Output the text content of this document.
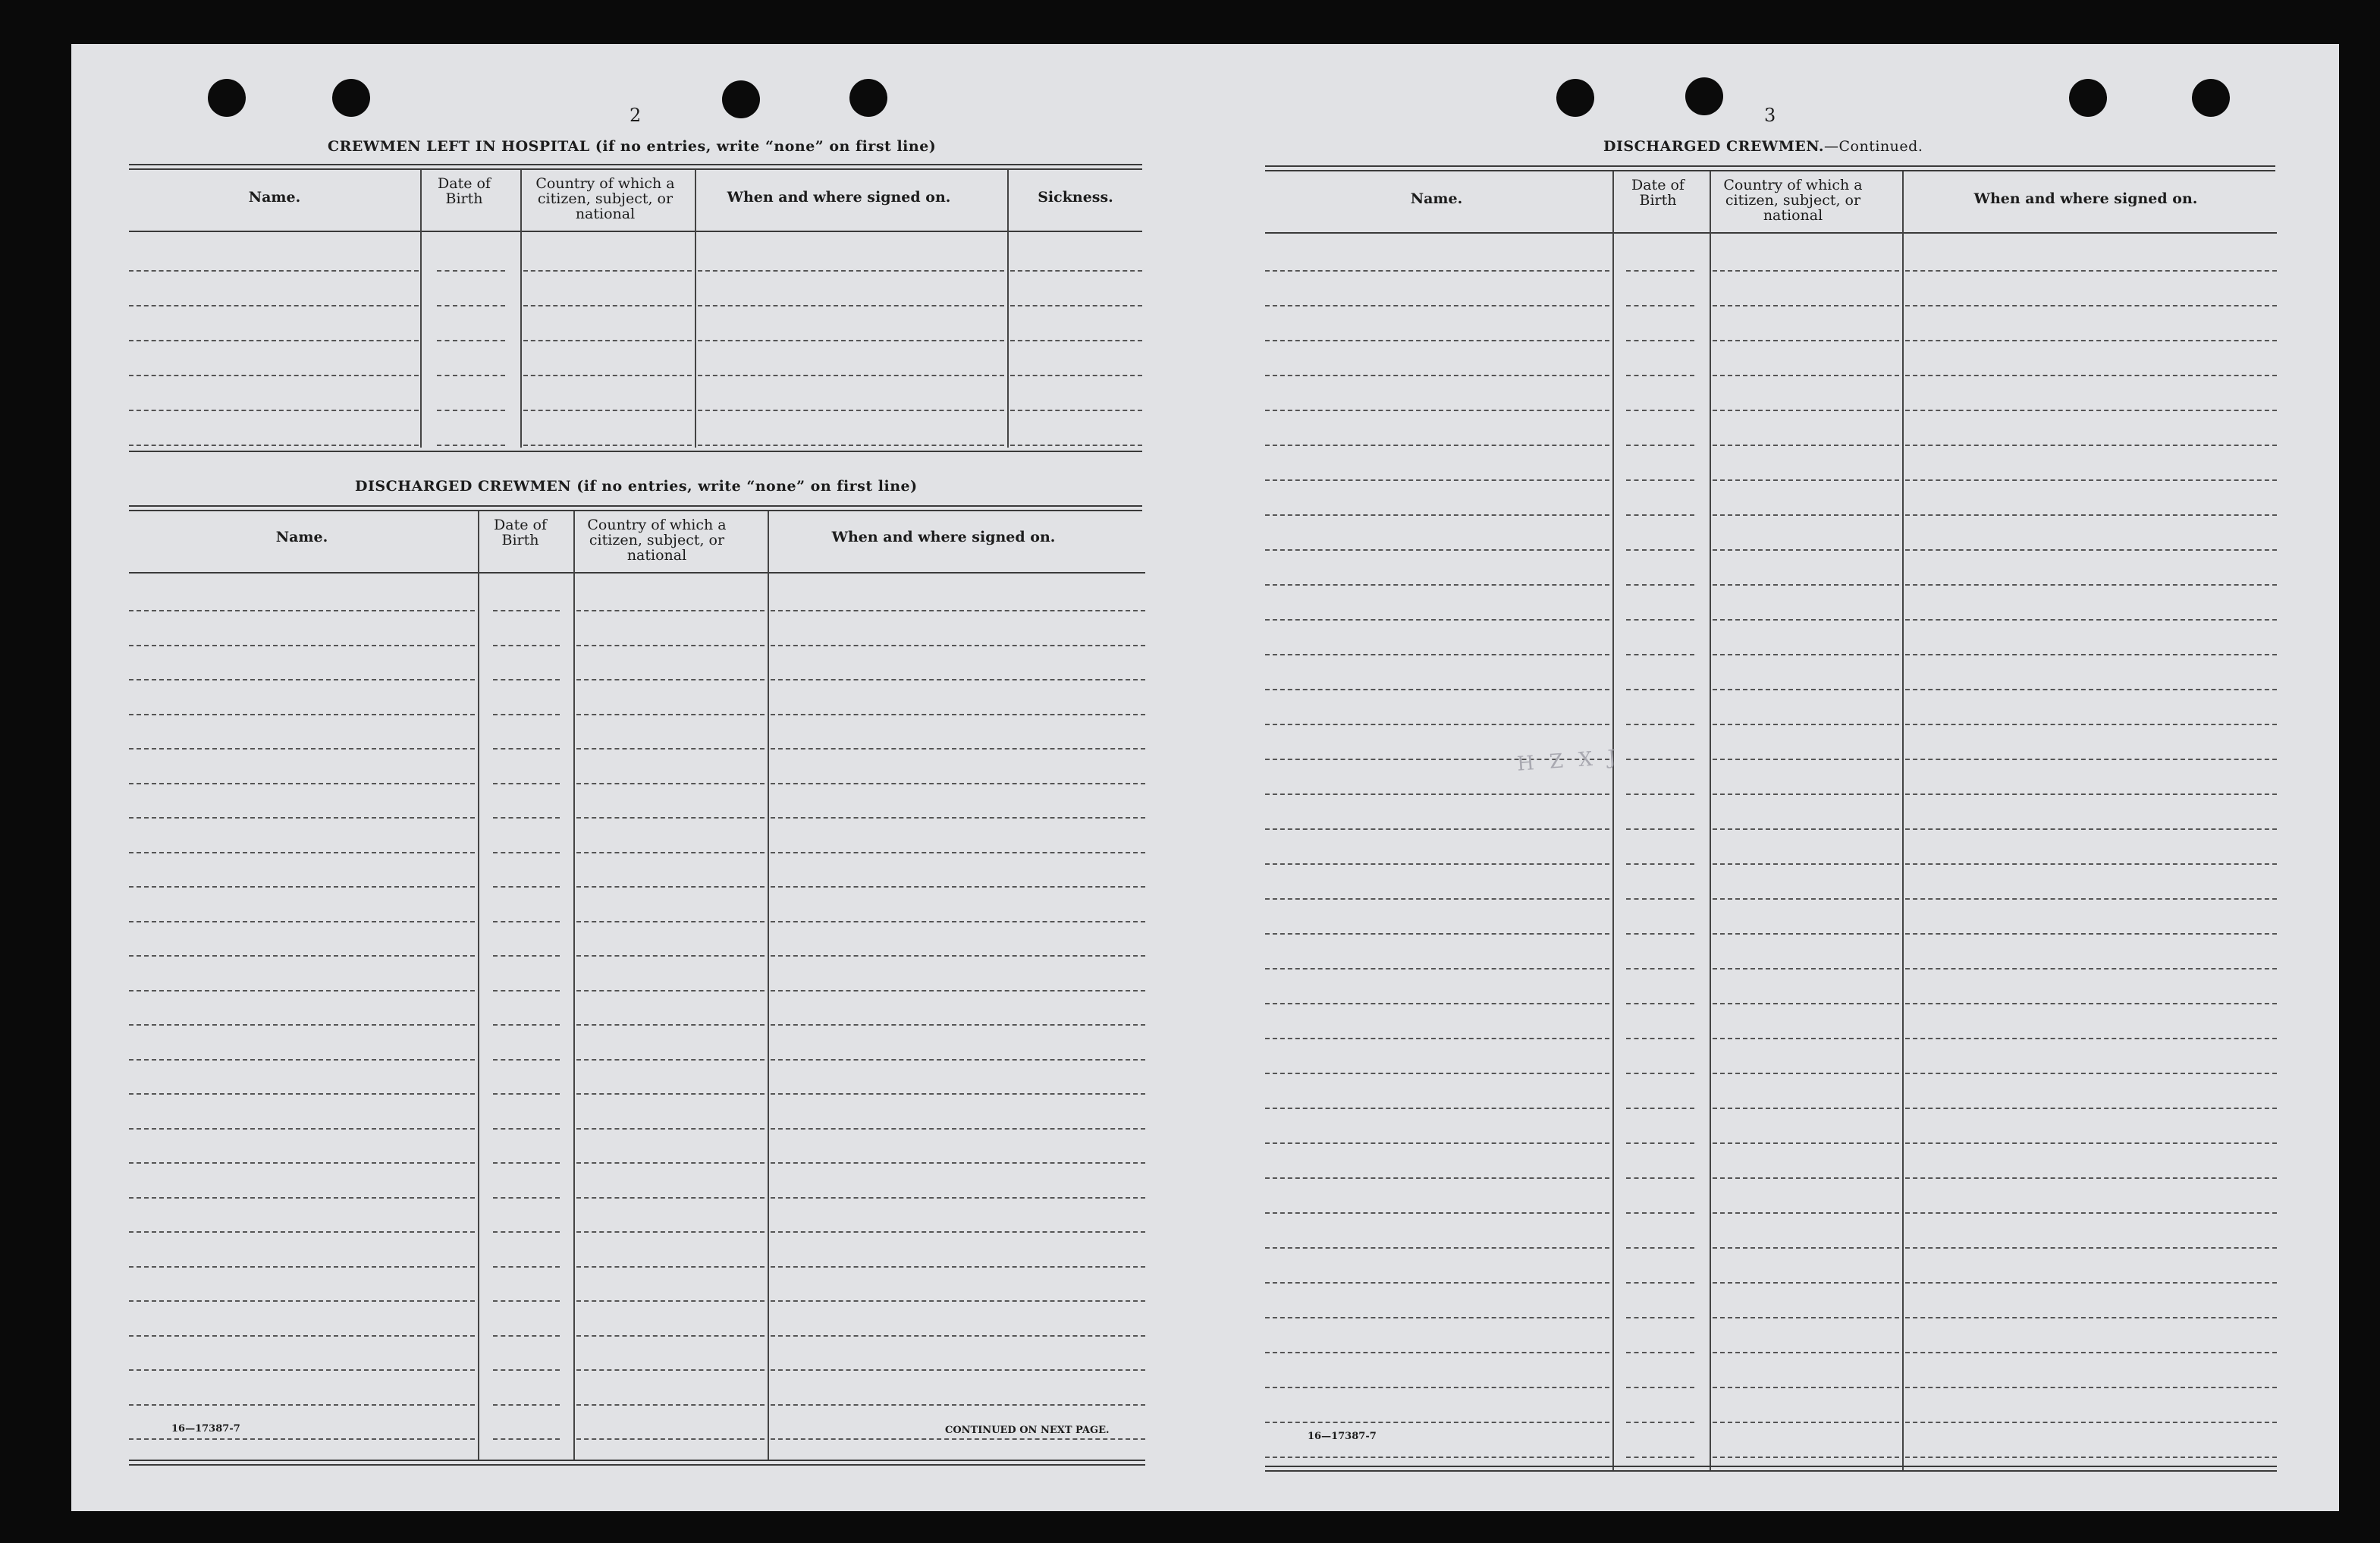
2
CREWMEN LEFT IN HOSPITAL (if no entries, write “none” on first line)
Name.
Date of Birth
Country of which a citizen, subject, or national
When and where signed on.	Sickness.
DISCHARGED CREWMEN (if no entries, write “none” on first line)
Name.
Date of Birth
Country of which a citizen, subject, or national
When and where signed on.
16—17387-7	CONTINUED ON NEXT PAGE.
3
DISCHARGED CREWMEN.—Continued.
Name.
Date of Birth
Country of which a citizen, subject, or national
When and where signed on.
16—17387-7
H Z X J
